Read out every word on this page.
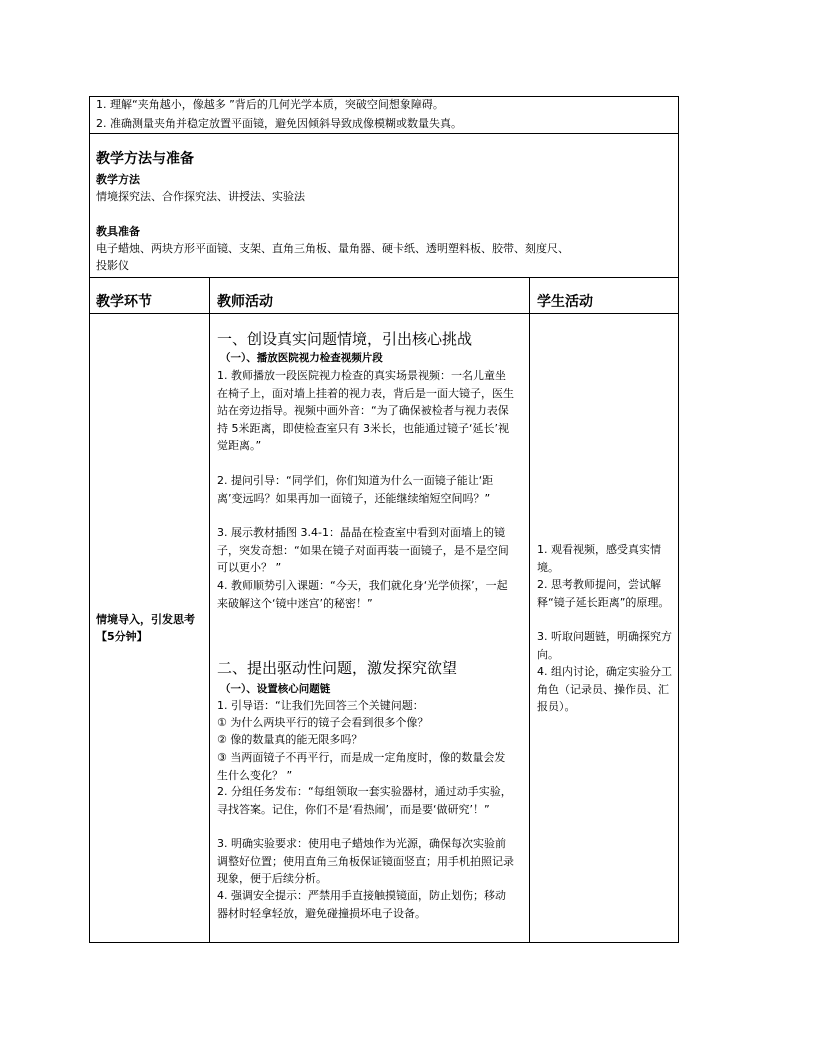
1. 理解“夹角越小，像越多 ”背后的几何光学本质，突破空间想象障碍。
2. 准确测量夹角并稳定放置平面镜，避免因倾斜导致成像模糊或数量失真。
教学方法与准备
教学方法
情境探究法、合作探究法、讲授法、实验法
教具准备
电子蜡烛、两块方形平面镜、支架、直角三角板、量角器、硬卡纸、透明塑料板、胶带、刻度尺、
投影仪
教学环节	教师活动	学生活动
情境导入，引发思考【5分钟】
一、创设真实问题情境，引出核心挑战
（一）、播放医院视力检查视频片段
1. 教师播放一段医院视力检查的真实场景视频：一名儿童坐在椅子上，面对墙上挂着的视力表，背后是一面大镜子，医生站在旁边指导。视频中画外音：“为了确保被检者与视力表保持 5米距离，即使检查室只有 3米长，也能通过镜子‘延长’视觉距离。”
2. 提问引导：“同学们，你们知道为什么一面镜子能让‘距离’变远吗？如果再加一面镜子，还能继续缩短空间吗？”
3. 展示教材插图 3.4-1：晶晶在检查室中看到对面墙上的镜子，突发奇想：“如果在镜子对面再装一面镜子，是不是空间可以更小？ ”
4. 教师顺势引入课题：“今天，我们就化身‘光学侦探’，一起来破解这个‘镜中迷宫’的秘密！”
二、提出驱动性问题，激发探究欲望
（一）、设置核心问题链
1. 引导语：“让我们先回答三个关键问题：
① 为什么两块平行的镜子会看到很多个像？
② 像的数量真的能无限多吗？
③ 当两面镜子不再平行，而是成一定角度时，像的数量会发生什么变化？ ”
2. 分组任务发布：“每组领取一套实验器材，通过动手实验，寻找答案。记住，你们不是‘看热闹’，而是要‘做研究’！”
3. 明确实验要求：使用电子蜡烛作为光源，确保每次实验前调整好位置；使用直角三角板保证镜面竖直；用手机拍照记录现象，便于后续分析。
4. 强调安全提示：严禁用手直接触摸镜面，防止划伤；移动器材时轻拿轻放，避免碰撞损坏电子设备。
1. 观看视频，感受真实情境。
2. 思考教师提问，尝试解释“镜子延长距离”的原理。
3. 听取问题链，明确探究方向。
4. 组内讨论，确定实验分工角色（记录员、操作员、汇报员）。
